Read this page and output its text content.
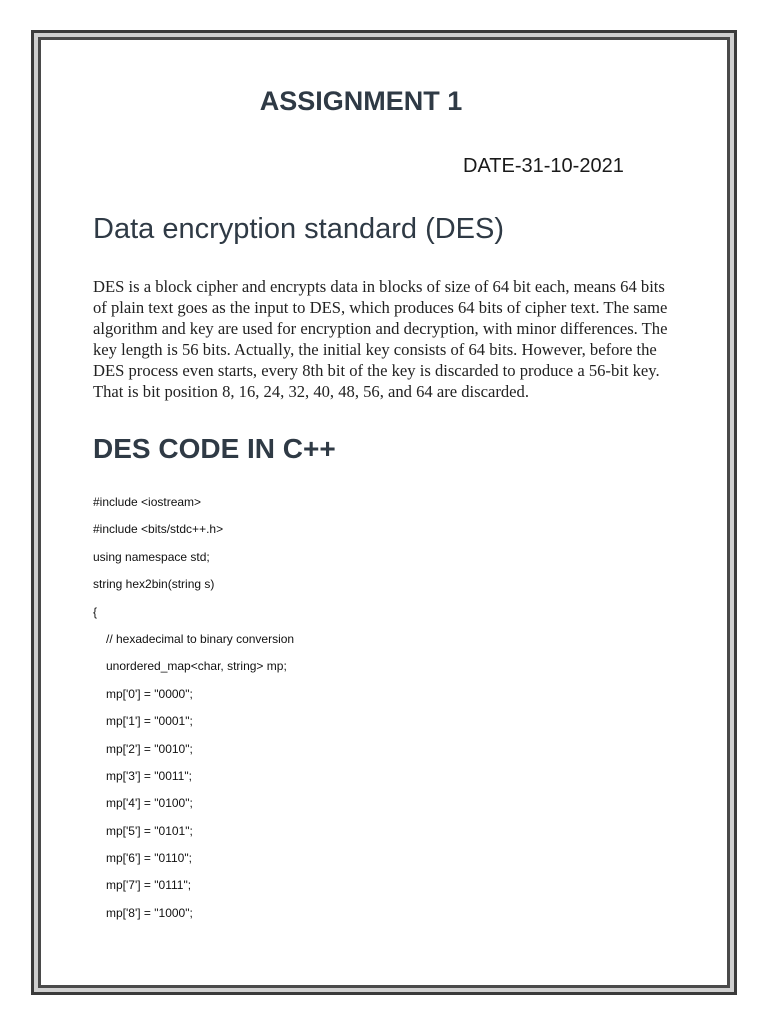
ASSIGNMENT 1

DATE-31-10-2021

Data encryption standard (DES)

DES is a block cipher and encrypts data in blocks of size of 64 bit each, means 64 bits of plain text goes as the input to DES, which produces 64 bits of cipher text. The same algorithm and key are used for encryption and decryption, with minor differences. The key length is 56 bits. Actually, the initial key consists of 64 bits. However, before the DES process even starts, every 8th bit of the key is discarded to produce a 56-bit key. That is bit position 8, 16, 24, 32, 40, 48, 56, and 64 are discarded.

DES CODE IN C++
#include <iostream>
#include <bits/stdc++.h>
using namespace std;
string hex2bin(string s)
{
// hexadecimal to binary conversion
unordered_map<char, string> mp;
mp['0'] = "0000";
mp['1'] = "0001";
mp['2'] = "0010";
mp['3'] = "0011";
mp['4'] = "0100";
mp['5'] = "0101";
mp['6'] = "0110";
mp['7'] = "0111";
mp['8'] = "1000";
